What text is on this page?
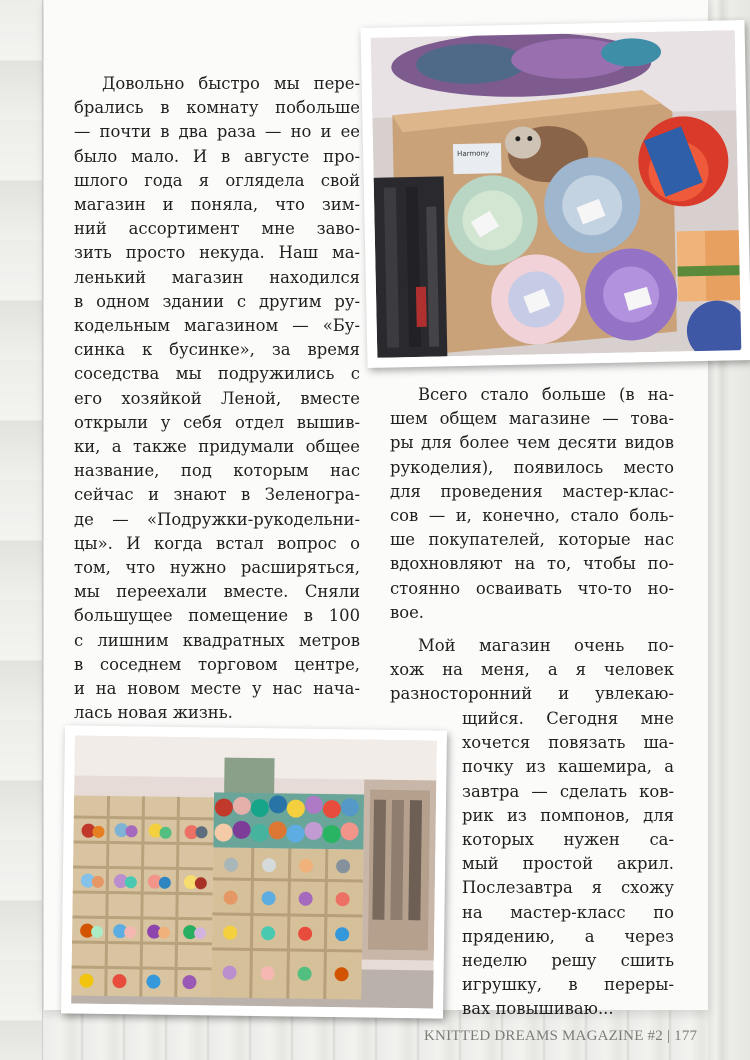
Довольно быстро мы пере-
брались в комнату побольше
— почти в два раза — но и ее
было мало. И в августе про-
шлого года я оглядела свой
магазин и поняла, что зим-
ний ассортимент мне заво-
зить просто некуда. Наш ма-
ленький магазин находился
в одном здании с другим ру-
кодельным магазином — «Бу-
синка к бусинке», за время
соседства мы подружились с
его хозяйкой Леной, вместе
открыли у себя отдел вышив-
ки, а также придумали общее
название, под которым нас
сейчас и знают в Зеленогра-
де — «Подружки-рукодельни-
цы». И когда встал вопрос о
том, что нужно расширяться,
мы переехали вместе. Сняли
большущее помещение в 100
с лишним квадратных метров
в соседнем торговом центре,
и на новом месте у нас нача-
лась новая жизнь.
Всего стало больше (в на-
шем общем магазине — това-
ры для более чем десяти видов
рукоделия), появилось место
для проведения мастер-клас-
сов — и, конечно, стало боль-
ше покупателей, которые нас
вдохновляют на то, чтобы по-
стоянно осваивать что-то но-
вое.
Мой магазин очень по-
хож на меня, а я человек
разносторонний и увлекаю-
щийся. Сегодня мне
хочется повязать ша-
почку из кашемира, а
завтра — сделать ков-
рик из помпонов, для
которых нужен са-
мый простой акрил.
Послезавтра я схожу
на мастер-класс по
прядению, а через
неделю решу сшить
игрушку, в переры-
вах повышиваю...
Harmony
KNITTED DREAMS MAGAZINE #2 | 177
